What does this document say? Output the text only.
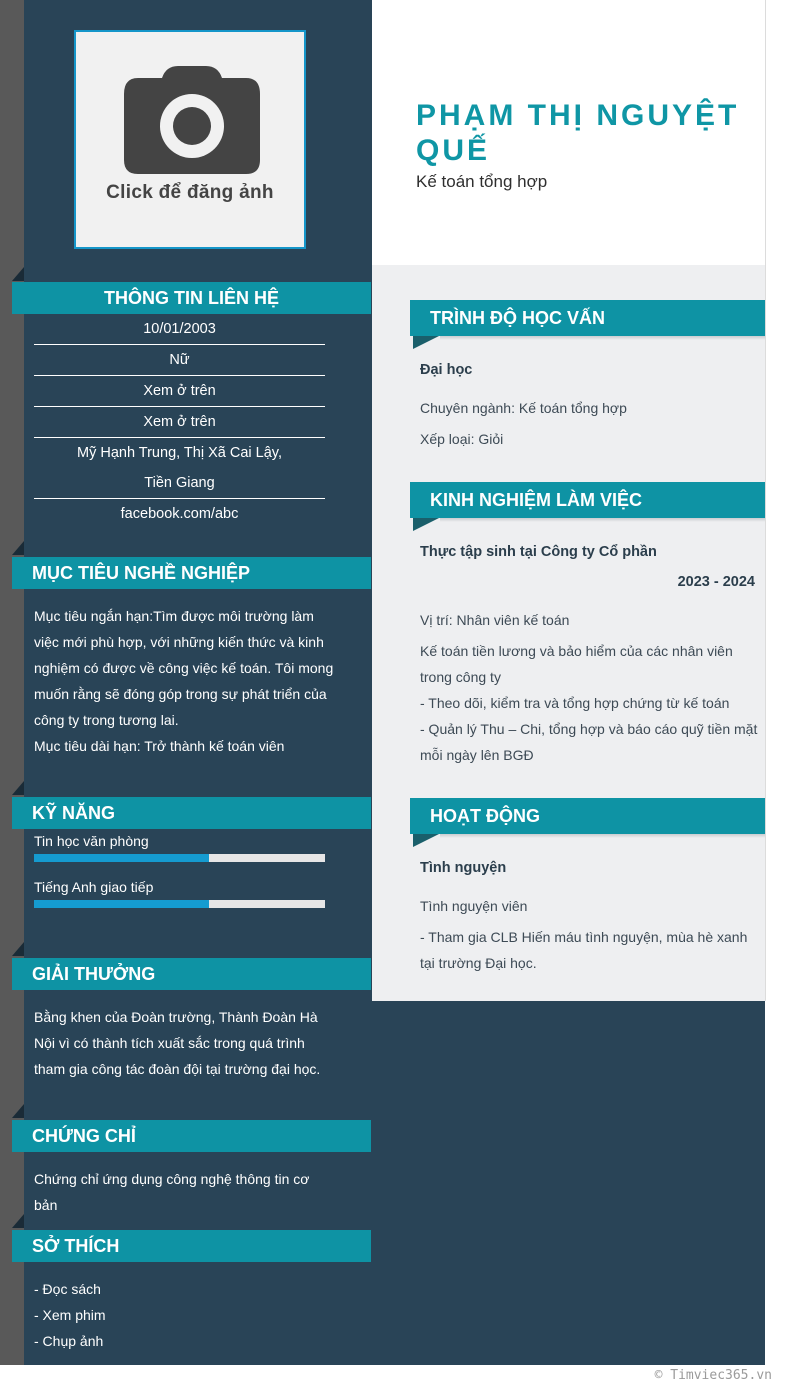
Click để đăng ảnh
PHẠM THỊ NGUYỆT QUẾ
Kế toán tổng hợp
THÔNG TIN LIÊN HỆ
10/01/2003
Nữ
Xem ở trên
Xem ở trên
Mỹ Hạnh Trung, Thị Xã Cai Lậy,
Tiền Giang
facebook.com/abc
MỤC TIÊU NGHỀ NGHIỆP
Mục tiêu ngắn hạn:Tìm được môi trường làm việc mới phù hợp, với những kiến thức và kinh nghiệm có được về công việc kế toán. Tôi mong muốn rằng sẽ đóng góp trong sự phát triển của công ty trong tương lai.
Mục tiêu dài hạn: Trở thành kế toán viên
KỸ NĂNG
Tin học văn phòng
Tiếng Anh giao tiếp
GIẢI THƯỞNG
Bằng khen của Đoàn trường, Thành Đoàn Hà Nội vì có thành tích xuất sắc trong quá trình tham gia công tác đoàn đội tại trường đại học.
CHỨNG CHỈ
Chứng chỉ ứng dụng công nghệ thông tin cơ bản
SỞ THÍCH
- Đọc sách
- Xem phim
- Chụp ảnh
TRÌNH ĐỘ HỌC VẤN
Đại học
Chuyên ngành: Kế toán tổng hợp
Xếp loại: Giỏi
KINH NGHIỆM LÀM VIỆC
Thực tập sinh tại Công ty Cổ phần
2023 - 2024
Vị trí: Nhân viên kế toán
Kế toán tiền lương và bảo hiểm của các nhân viên trong công ty
- Theo dõi, kiểm tra và tổng hợp chứng từ kế toán
- Quản lý Thu – Chi, tổng hợp và báo cáo quỹ tiền mặt mỗi ngày lên BGĐ
HOẠT ĐỘNG
Tình nguyện
Tình nguyện viên
- Tham gia CLB Hiến máu tình nguyện, mùa hè xanh tại trường Đại học.
© Timviec365.vn
